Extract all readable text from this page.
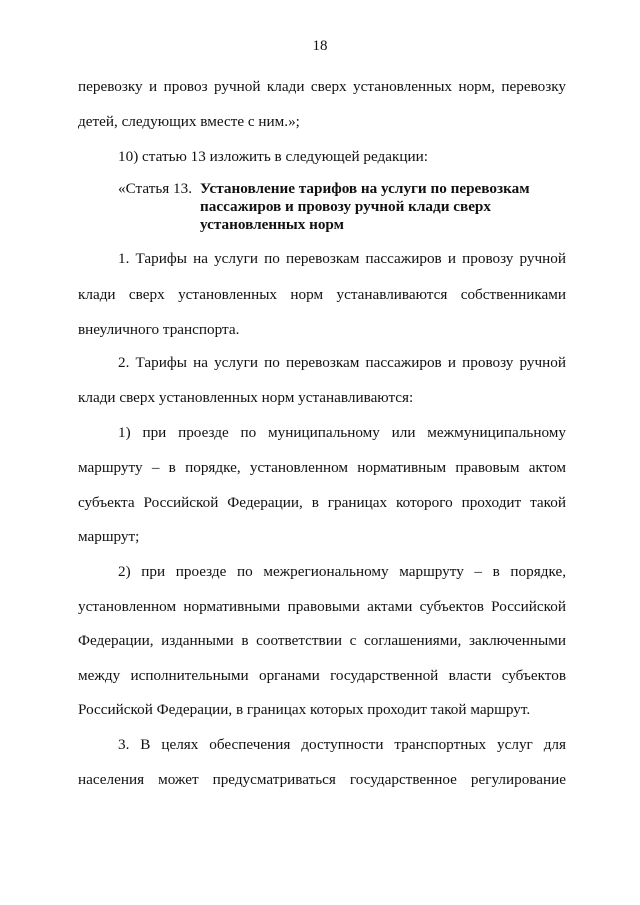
18
перевозку и провоз ручной клади сверх установленных норм, перевозку
детей, следующих вместе с ним.»;
10) статью 13 изложить в следующей редакции:
«Статья 13. Установление тарифов на услуги по перевозкам
пассажиров и провозу ручной клади сверх
установленных норм
1. Тарифы на услуги по перевозкам пассажиров и провозу ручной
клади сверх установленных норм устанавливаются собственниками
внеуличного транспорта.
2. Тарифы на услуги по перевозкам пассажиров и провозу ручной
клади сверх установленных норм устанавливаются:
1) при проезде по муниципальному или межмуниципальному
маршруту – в порядке, установленном нормативным правовым актом
субъекта Российской Федерации, в границах которого проходит такой
маршрут;
2) при проезде по межрегиональному маршруту – в порядке,
установленном нормативными правовыми актами субъектов Российской
Федерации, изданными в соответствии с соглашениями, заключенными
между исполнительными органами государственной власти субъектов
Российской Федерации, в границах которых проходит такой маршрут.
3. В целях обеспечения доступности транспортных услуг для
населения может предусматриваться государственное регулирование
